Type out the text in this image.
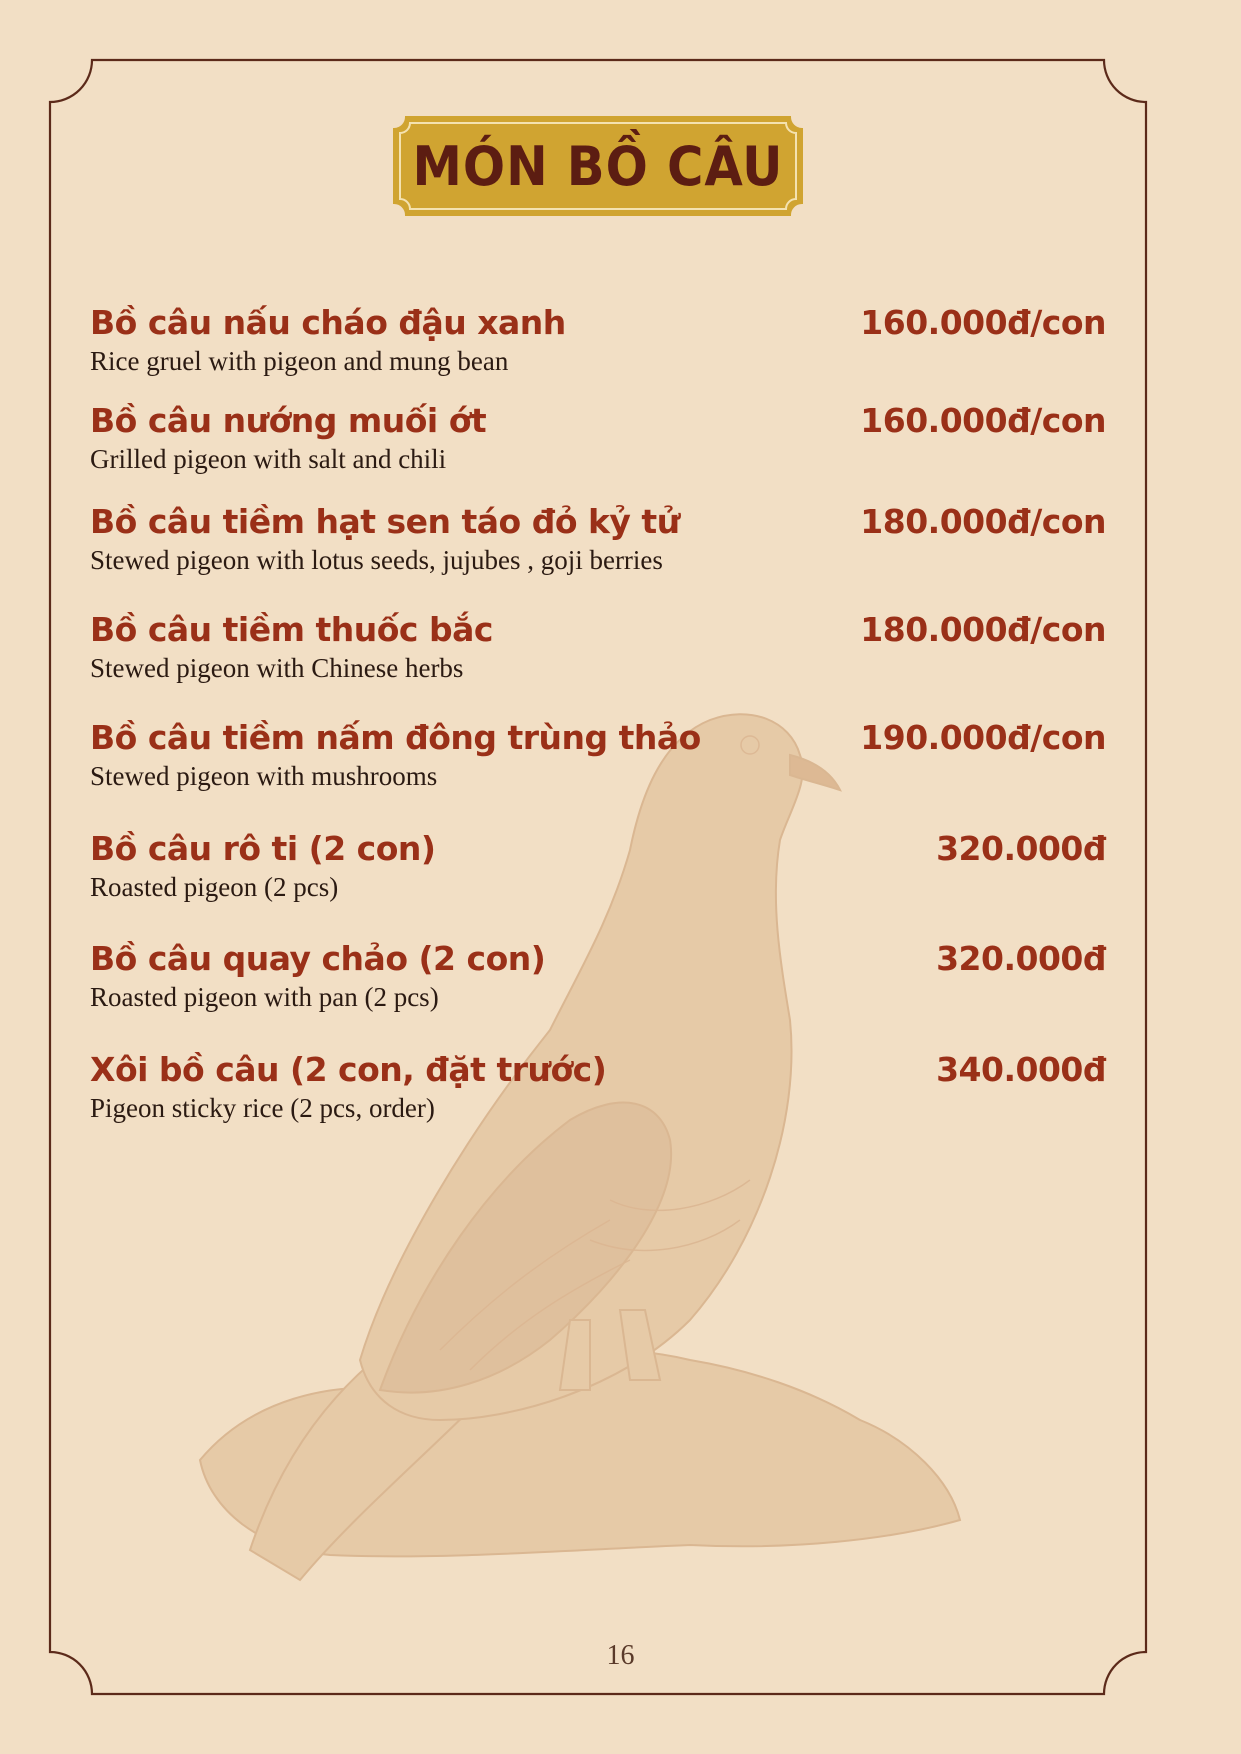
MÓN BỒ CÂU
Bồ câu nấu cháo đậu xanh	160.000đ/con
Rice gruel with pigeon and mung bean
Bồ câu nướng muối ớt	160.000đ/con
Grilled pigeon with salt and chili
Bồ câu tiềm hạt sen táo đỏ kỷ tử	180.000đ/con
Stewed pigeon with lotus seeds, jujubes , goji berries
Bồ câu tiềm thuốc bắc	180.000đ/con
Stewed pigeon with Chinese herbs
Bồ câu tiềm nấm đông trùng thảo	190.000đ/con
Stewed pigeon with mushrooms
Bồ câu rô ti (2 con)	320.000đ
Roasted pigeon (2 pcs)
Bồ câu quay chảo (2 con)	320.000đ
Roasted pigeon with pan (2 pcs)
Xôi bồ câu (2 con, đặt trước)	340.000đ
Pigeon sticky rice (2 pcs, order)
16
